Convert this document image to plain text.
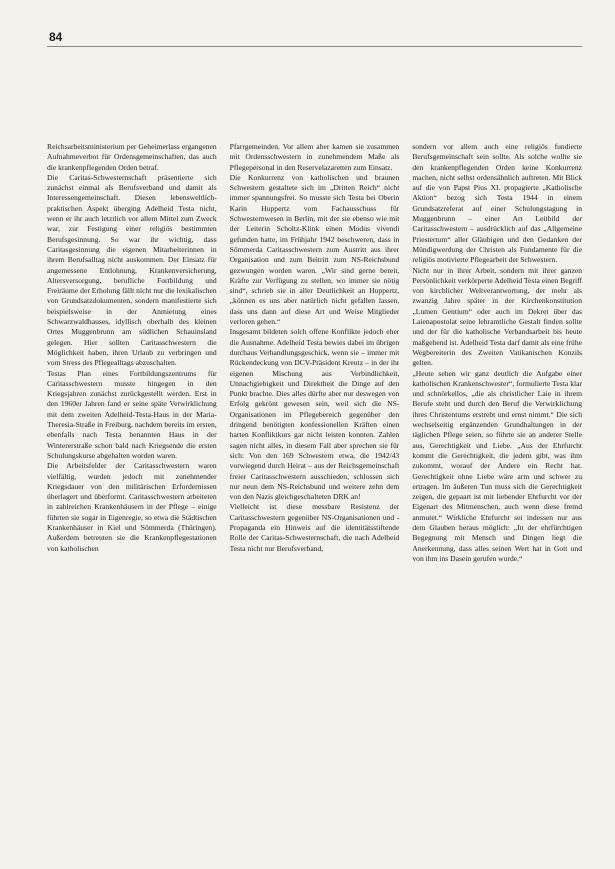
84

Reichsarbeitsministerium per Geheimerlass ergangenen Aufnahmeverbot für Ordensgemeinschaften, das auch die krankenpflegenden Orden betraf.

Die Caritas-Schwesternschaft präsentierte sich zunächst einmal als Berufsverband und damit als Interessengemeinschaft. Diesen lebensweltlich-praktischen Aspekt überging Adelheid Testa nicht, wenn er ihr auch letztlich vor allem Mittel zum Zweck war, zur Festigung einer religiös bestimmten Berufsgesinnung. So war ihr wichtig, dass Caritasgesinnung die eigenen Mitarbeiterinnen in ihrem Berufsalltag nicht auskommen. Der Einsatz für angemessene Entlohnung, Krankenversicherung, Altersversorgung, berufliche Fortbildung und Freiräume der Erholung fällt nicht nur die lexikalischen von Grundsatzdokumenten, sondern manifestierte sich beispielsweise in der Anmietung eines Schwarzwaldhauses, idyllisch oberhalb des kleinen Ortes Muggenbrunn am südlichen Schauinsland gelegen. Hier sollten Caritasschwestern die Möglichkeit haben, ihren Urlaub zu verbringen und vom Stress des Pflegealltags abzuschalten.

Testas Plan eines Fortbildungszentrums für Caritasschwestern musste hingegen in den Kriegsjahren zunächst zurückgestellt werden. Erst in den 1960er Jahren fand er seine späte Verwirklichung mit dem zweiten Adelheid-Testa-Haus in der Maria-Theresia-Straße in Freiburg, nachdem bereits im ersten, ebenfalls nach Testa benannten Haus in der Wintererstraße schon bald nach Kriegsende die ersten Schulungskurse abgehalten worden waren.

Die Arbeitsfelder der Caritasschwestern waren vielfältig, wurden jedoch mit zunehmender Kriegsdauer von den militärischen Erfordernissen überlagert und überformt. Caritasschwestern arbeiteten in zahlreichen Krankenhäusern in der Pflege – einige führten sie sogar in Eigenregie, so etwa die Städtischen Krankenhäuser in Kiel und Sömmerda (Thüringen). Außerdem betreuten sie die Krankenpflegestationen von katholischen

Pfarrgemeinden. Vor allem aber kamen sie zusammen mit Ordensschwestern in zunehmendem Maße als Pflegepersonal in den Reservelazaretten zum Einsatz.

Die Konkurrenz von katholischen und braunen Schwestern gestaltete sich im „Dritten Reich“ nicht immer spannungsfrei. So musste sich Testa bei Oberin Karin Huppertz vom Fachausschuss für Schwesternwesen in Berlin, mit der sie ebenso wie mit der Leiterin Scholtz-Klink einen Modus vivendi gefunden hatte, im Frühjahr 1942 beschweren, dass in Sömmerda Caritasschwestern zum Austritt aus ihrer Organisation und zum Beitritt zum NS-Reichsbund gezwungen worden waren. „Wir sind gerne bereit, Kräfte zur Verfügung zu stellen, wo immer sie nötig sind“, schrieb sie in aller Deutlichkeit an Huppertz, „können es uns aber natürlich nicht gefallen lassen, dass uns dann auf diese Art und Weise Mitglieder verloren gehen.“

Insgesamt bildeten solch offene Konflikte jedoch eher die Ausnahme. Adelheid Testa bewies dabei im übrigen durchaus Verhandlungsgeschick, wenn sie – immer mit Rückendeckung von DCV-Präsident Kreutz – in der ihr eigenen Mischung aus Verbindlichkeit, Unnachgiebigkeit und Direktheit die Dinge auf den Punkt brachte. Dies alles dürfte aber nur deswegen von Erfolg gekrönt gewesen sein, weil sich die NS-Organisationen im Pflegebereich gegenüber den dringend benötigten konfessionellen Kräften einen harten Konfliktkurs gar nicht leisten konnten. Zahlen sagen nicht alles, in diesem Fall aber sprechen sie für sich: Von den 169 Schwestern etwa, die 1942/43 vorwiegend durch Heirat – aus der Reichsgemeinschaft freier Caritasschwestern ausschieden, schlossen sich nur neun dem NS-Reichsbund und weitere zehn dem von den Nazis gleichgeschalteten DRK an!

Vielleicht ist diese messbare Resistenz der Caritasschwestern gegenüber NS-Organisationen und -Propaganda ein Hinweis auf die identitätsstiftende Rolle der Caritas-Schwesternschaft, die nach Adelheid Testa nicht nur Berufsverband,

sondern vor allem auch eine religiös fundierte Berufsgemeinschaft sein sollte. Als solche wollte sie den krankenpflegenden Orden keine Konkurrenz machen, nicht selbst ordensähnlich auftreten. Mit Blick auf die von Papst Pius XI. propagierte „Katholische Aktion“ bezog sich Testa 1944 in einem Grundsatzreferat auf einer Schulungstagung in Muggenbrunn – einer Art Leitbild der Caritasschwestern – ausdrücklich auf das „Allgemeine Priestertum“ aller Gläubigen und den Gedanken der Mündigwerdung der Christen als Fundamente für die religiös motivierte Pflegearbeit der Schwestern.

Nicht nur in ihrer Arbeit, sondern mit ihrer ganzen Persönlichkeit verkörperte Adelheid Testa einen Begriff von kirchlicher Weltverantwortung, der mehr als zwanzig Jahre später in der Kirchenkonstitution „Lumen Gentium“ oder auch im Dekret über das Laienapostolat seine lehramtliche Gestalt finden sollte und der für die katholische Verbandsarbeit bis heute maßgebend ist. Adelheid Testa darf damit als eine frühe Wegbereiterin des Zweiten Vatikanischen Konzils gelten.

„Heute sehen wir ganz deutlich die Aufgabe einer katholischen Krankenschwester“, formulierte Testa klar und schnörkellos, „die als christlicher Laie in ihrem Berufe steht und durch den Beruf die Verwirklichung ihres Christentums erstrebt und ernst nimmt.“ Die sich wechselseitig ergänzenden Grundhaltungen in der täglichen Pflege seien, so führte sie an anderer Stelle aus, Gerechtigkeit und Liebe. „Aus der Ehrfurcht kommt die Gerechtigkeit, die jedem gibt, was ihm zukommt, worauf der Andere ein Recht hat. Gerechtigkeit ohne Liebe wäre arm und schwer zu ertragen. Im äußeren Tun muss sich die Gerechtigkeit zeigen, die gepaart ist mit liebender Ehrfurcht vor der Eigenart des Mitmenschen, auch wenn diese fremd anmutet.“ Wirkliche Ehrfurcht sei indessen nur aus dem Glauben heraus möglich: „In der ehrfürchtigen Begegnung mit Mensch und Dingen liegt die Anerkennung, dass alles seinen Wert hat in Gott und von ihm ins Dasein gerufen wurde.“
